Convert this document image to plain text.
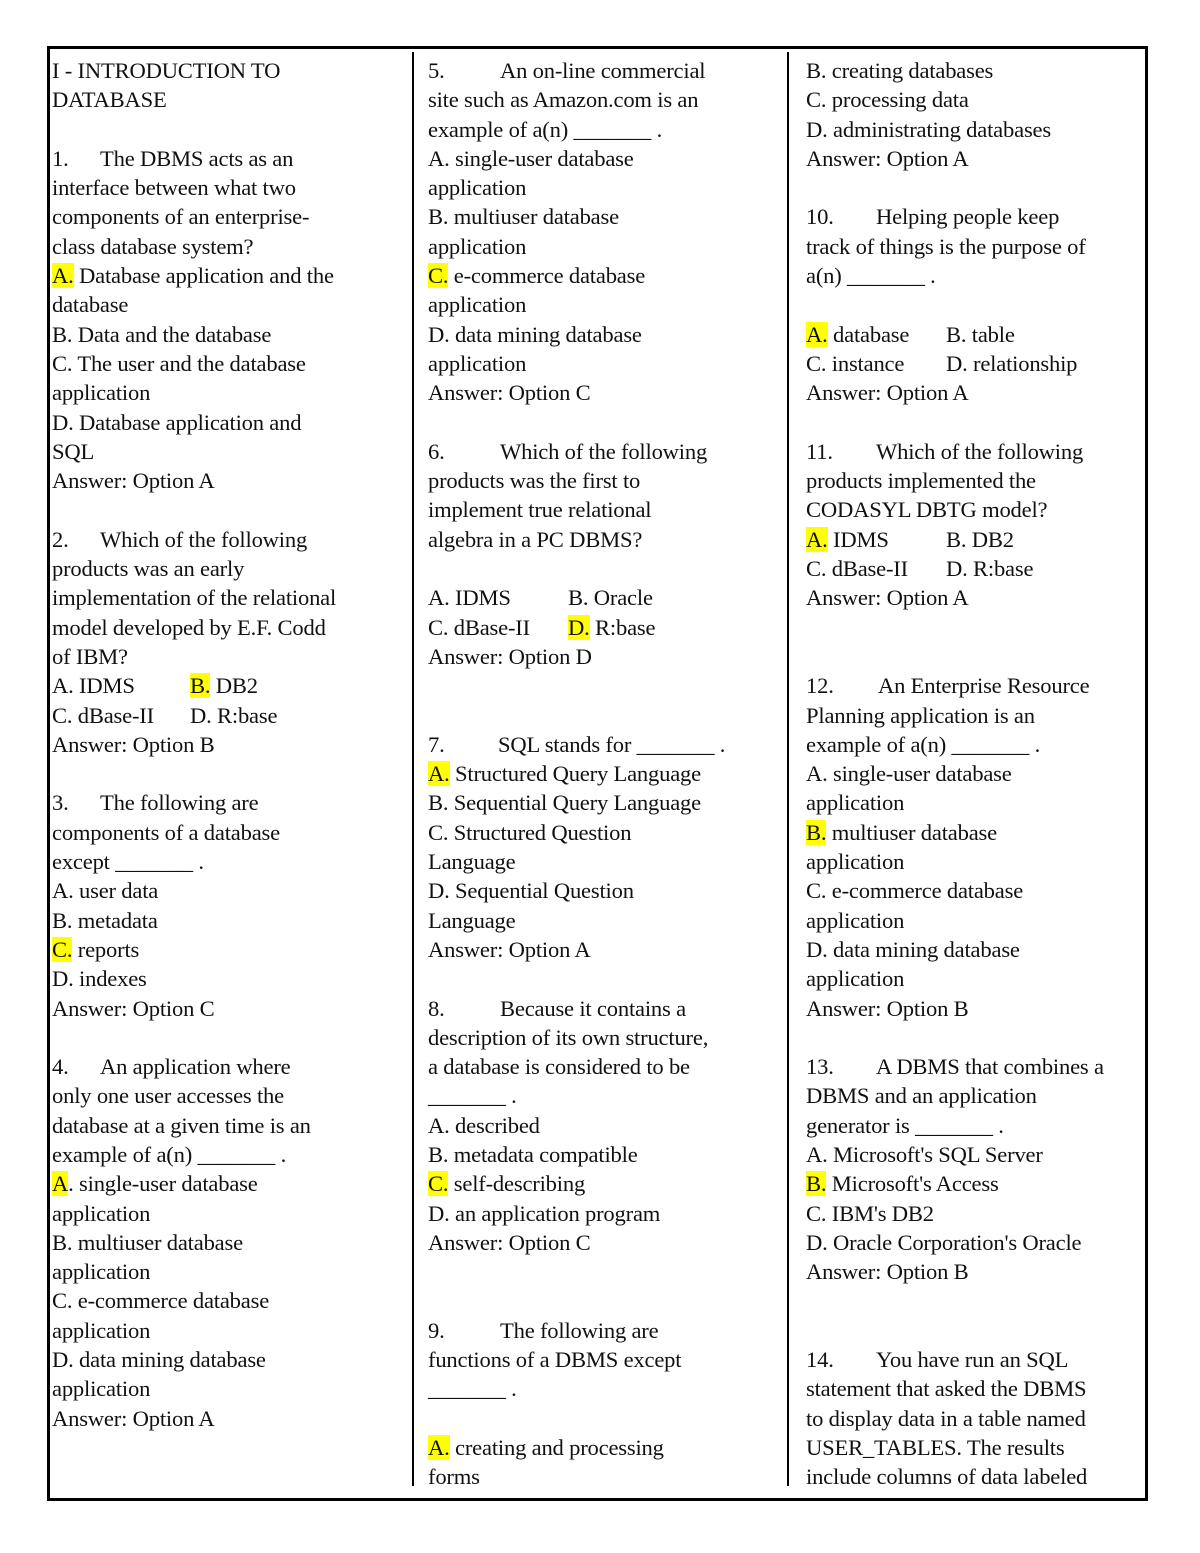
I - INTRODUCTION TO
DATABASE
1. The DBMS acts as an
interface between what two
components of an enterprise-
class database system?
A. Database application and the
database
B. Data and the database
C. The user and the database
application
D. Database application and
SQL
Answer: Option A
2. Which of the following
products was an early
implementation of the relational
model developed by E.F. Codd
of IBM?
A. IDMS B. DB2
C. dBase-II D. R:base
Answer: Option B
3. The following are
components of a database
except _______ .
A. user data
B. metadata
C. reports
D. indexes
Answer: Option C
4. An application where
only one user accesses the
database at a given time is an
example of a(n) _______ .
A. single-user database
application
B. multiuser database
application
C. e-commerce database
application
D. data mining database
application
Answer: Option A
5. An on-line commercial
site such as Amazon.com is an
example of a(n) _______ .
A. single-user database
application
B. multiuser database
application
C. e-commerce database
application
D. data mining database
application
Answer: Option C
6. Which of the following
products was the first to
implement true relational
algebra in a PC DBMS?
A. IDMS	B. Oracle
C. dBase-II D. R:base
Answer: Option D
7. SQL stands for _______ .
A. Structured Query Language
B. Sequential Query Language
C. Structured Question
Language
D. Sequential Question
Language
Answer: Option A
8. Because it contains a
description of its own structure,
a database is considered to be
_______ .
A. described
B. metadata compatible
C. self-describing
D. an application program
Answer: Option C
9. The following are
functions of a DBMS except
_______ .
A. creating and processing
forms
B. creating databases
C. processing data
D. administrating databases
Answer: Option A
10. Helping people keep
track of things is the purpose of
a(n) _______ .
A. database B. table
C. instance D. relationship
Answer: Option A
11. Which of the following
products implemented the
CODASYL DBTG model?
A. IDMS	B. DB2
C. dBase-II D. R:base
Answer: Option A
12. An Enterprise Resource
Planning application is an
example of a(n) _______ .
A. single-user database
application
B. multiuser database
application
C. e-commerce database
application
D. data mining database
application
Answer: Option B
13. A DBMS that combines a
DBMS and an application
generator is _______ .
A. Microsoft's SQL Server
B. Microsoft's Access
C. IBM's DB2
D. Oracle Corporation's Oracle
Answer: Option B
14. You have run an SQL
statement that asked the DBMS
to display data in a table named
USER_TABLES. The results
include columns of data labeled
